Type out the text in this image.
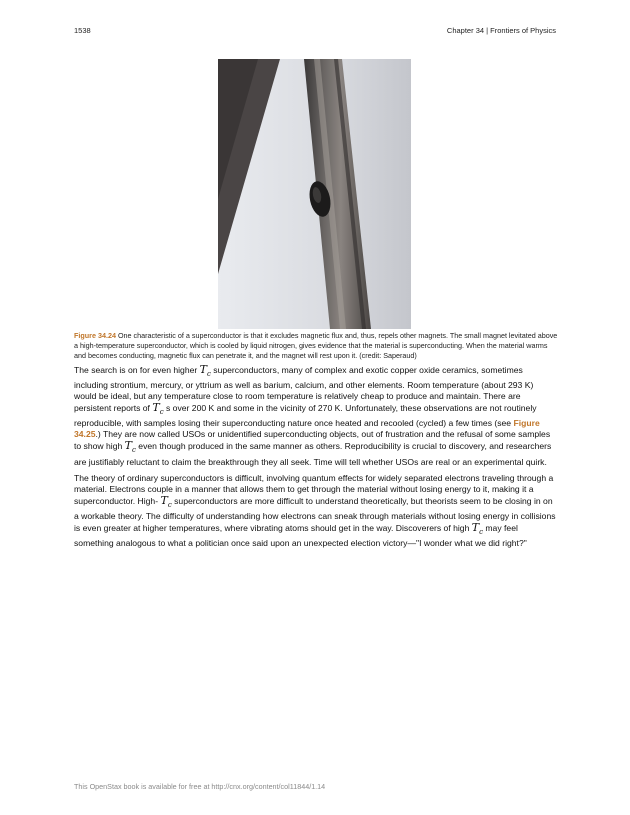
1538	Chapter 34 | Frontiers of Physics
Figure 34.24 One characteristic of a superconductor is that it excludes magnetic flux and, thus, repels other magnets. The small magnet levitated above a high-temperature superconductor, which is cooled by liquid nitrogen, gives evidence that the material is superconducting. When the material warms and becomes conducting, magnetic flux can penetrate it, and the magnet will rest upon it. (credit: Saperaud)

The search is on for even higher $T_c$ superconductors, many of complex and exotic copper oxide ceramics, sometimes including strontium, mercury, or yttrium as well as barium, calcium, and other elements. Room temperature (about 293 K) would be ideal, but any temperature close to room temperature is relatively cheap to produce and maintain. There are persistent reports of $T_c$ s over 200 K and some in the vicinity of 270 K. Unfortunately, these observations are not routinely reproducible, with samples losing their superconducting nature once heated and recooled (cycled) a few times (see Figure 34.25.) They are now called USOs or unidentified superconducting objects, out of frustration and the refusal of some samples to show high $T_c$ even though produced in the same manner as others. Reproducibility is crucial to discovery, and researchers are justifiably reluctant to claim the breakthrough they all seek. Time will tell whether USOs are real or an experimental quirk.

The theory of ordinary superconductors is difficult, involving quantum effects for widely separated electrons traveling through a material. Electrons couple in a manner that allows them to get through the material without losing energy to it, making it a superconductor. High- $T_c$ superconductors are more difficult to understand theoretically, but theorists seem to be closing in on a workable theory. The difficulty of understanding how electrons can sneak through materials without losing energy in collisions is even greater at higher temperatures, where vibrating atoms should get in the way. Discoverers of high $T_c$ may feel something analogous to what a politician once said upon an unexpected election victory—"I wonder what we did right?"

This OpenStax book is available for free at http://cnx.org/content/col11844/1.14
